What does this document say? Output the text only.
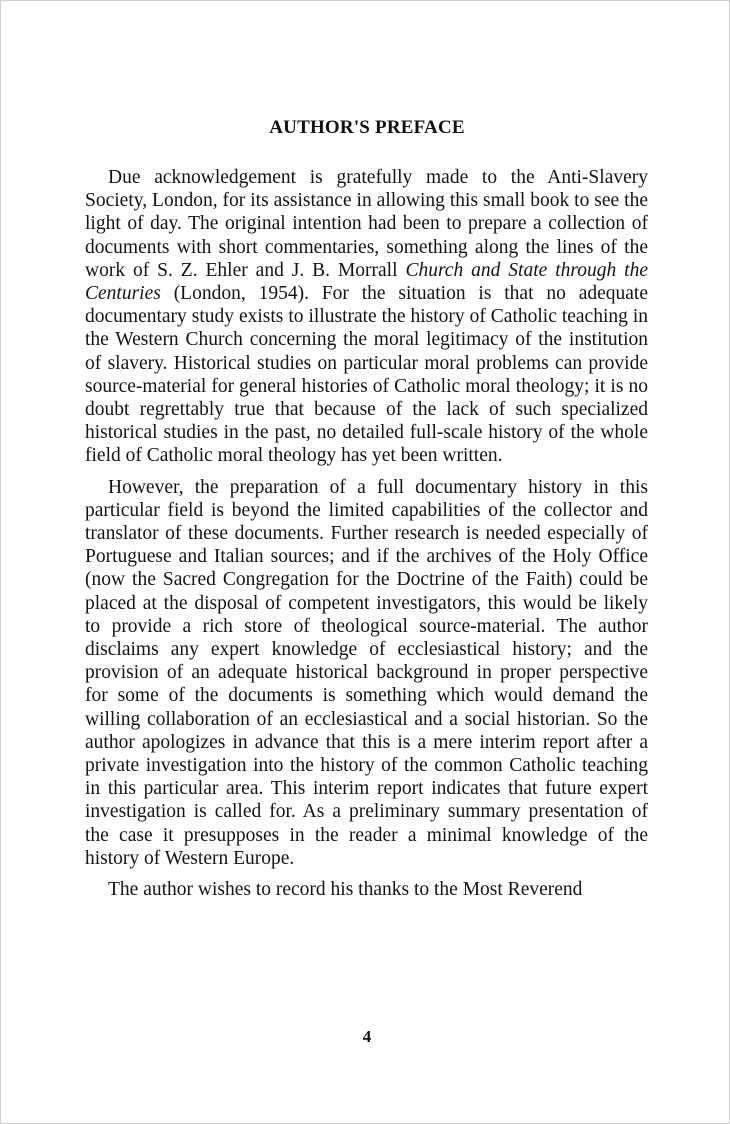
AUTHOR'S PREFACE

Due acknowledgement is gratefully made to the Anti-Slavery Society, London, for its assistance in allowing this small book to see the light of day. The original intention had been to prepare a collection of documents with short commentaries, something along the lines of the work of S. Z. Ehler and J. B. Morrall Church and State through the Centuries (London, 1954). For the situation is that no adequate documentary study exists to illustrate the history of Catholic teaching in the Western Church concerning the moral legitimacy of the institution of slavery. Historical studies on particular moral problems can provide source-material for general histories of Catholic moral theology; it is no doubt regrettably true that because of the lack of such specialized historical studies in the past, no detailed full-scale history of the whole field of Catholic moral theology has yet been written.

However, the preparation of a full documentary history in this particular field is beyond the limited capabilities of the collector and translator of these documents. Further research is needed especially of Portuguese and Italian sources; and if the archives of the Holy Office (now the Sacred Congregation for the Doctrine of the Faith) could be placed at the disposal of competent investigators, this would be likely to provide a rich store of theological source-material. The author disclaims any expert knowledge of ecclesiastical history; and the provision of an adequate historical background in proper perspective for some of the documents is something which would demand the willing collaboration of an ecclesiastical and a social historian. So the author apologizes in advance that this is a mere interim report after a private investigation into the history of the common Catholic teaching in this particular area. This interim report indicates that future expert investigation is called for. As a preliminary summary presentation of the case it presupposes in the reader a minimal knowledge of the history of Western Europe.

The author wishes to record his thanks to the Most Reverend

4
